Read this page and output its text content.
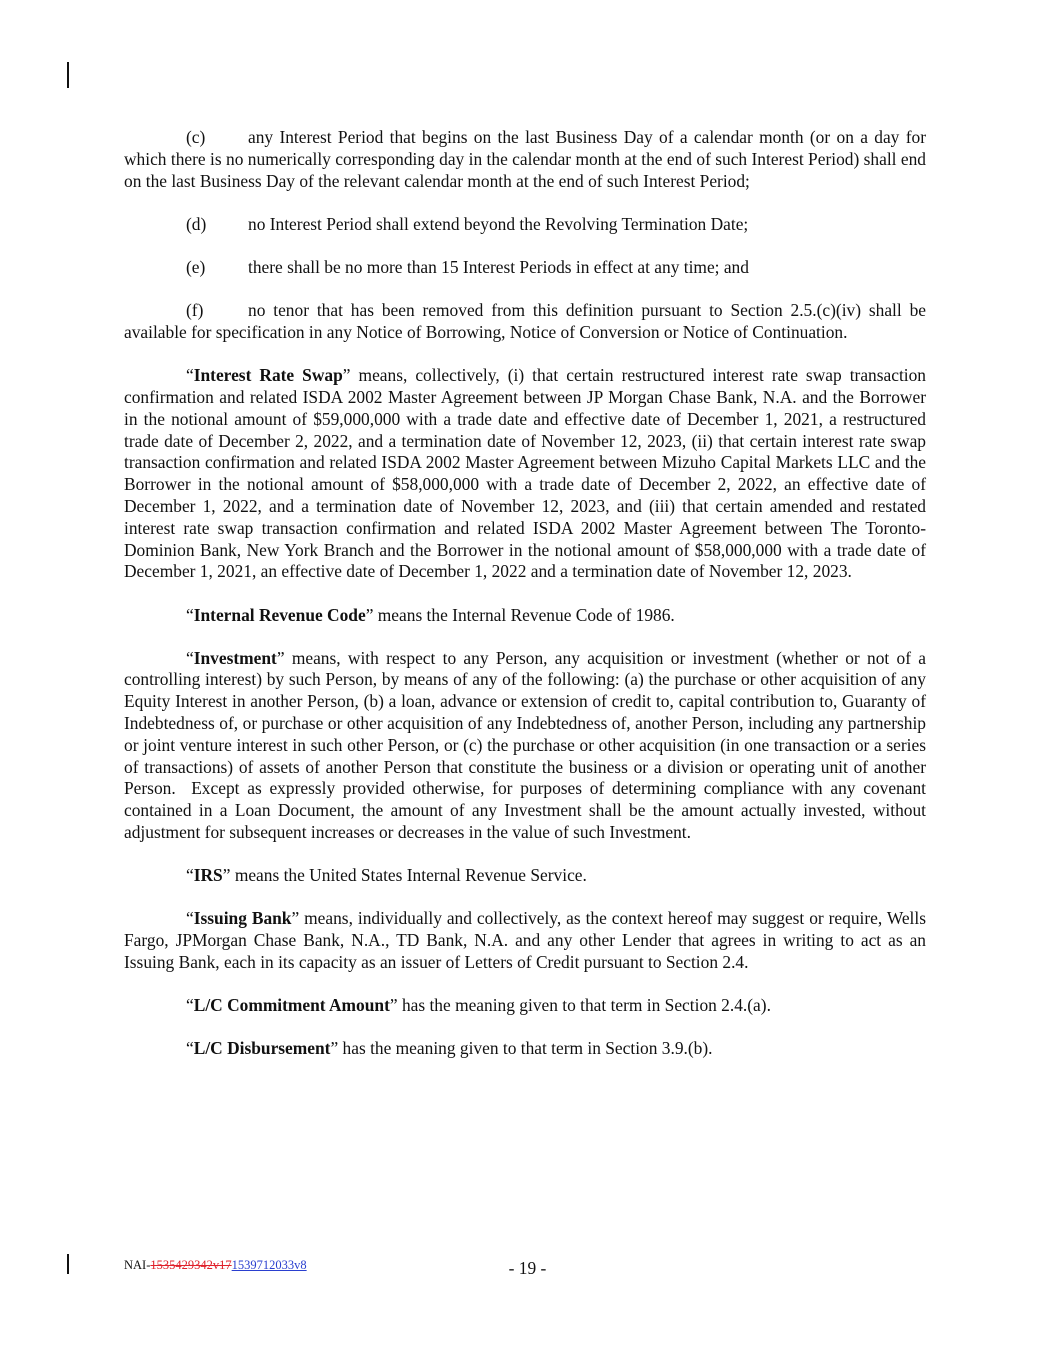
(c) any Interest Period that begins on the last Business Day of a calendar month (or on a day for which there is no numerically corresponding day in the calendar month at the end of such Interest Period) shall end on the last Business Day of the relevant calendar month at the end of such Interest Period;

(d) no Interest Period shall extend beyond the Revolving Termination Date;

(e) there shall be no more than 15 Interest Periods in effect at any time; and

(f)	no tenor that has been removed from this definition pursuant to Section 2.5.(c)(iv) shall be available for specification in any Notice of Borrowing, Notice of Conversion or Notice of Continuation.

“Interest Rate Swap” means, collectively, (i) that certain restructured interest rate swap transaction confirmation and related ISDA 2002 Master Agreement between JP Morgan Chase Bank, N.A. and the Borrower in the notional amount of $59,000,000 with a trade date and effective date of December 1, 2021, a restructured trade date of December 2, 2022, and a termination date of November 12, 2023, (ii) that certain interest rate swap transaction confirmation and related ISDA 2002 Master Agreement between Mizuho Capital Markets LLC and the Borrower in the notional amount of $58,000,000 with a trade date of December 2, 2022, an effective date of December 1, 2022, and a termination date of November 12, 2023, and (iii) that certain amended and restated interest rate swap transaction confirmation and related ISDA 2002 Master Agreement between The Toronto-Dominion Bank, New York Branch and the Borrower in the notional amount of $58,000,000 with a trade date of December 1, 2021, an effective date of December 1, 2022 and a termination date of November 12, 2023.

“Internal Revenue Code” means the Internal Revenue Code of 1986.

“Investment” means, with respect to any Person, any acquisition or investment (whether or not of a controlling interest) by such Person, by means of any of the following: (a) the purchase or other acquisition of any Equity Interest in another Person, (b) a loan, advance or extension of credit to, capital contribution to, Guaranty of Indebtedness of, or purchase or other acquisition of any Indebtedness of, another Person, including any partnership or joint venture interest in such other Person, or (c) the purchase or other acquisition (in one transaction or a series of transactions) of assets of another Person that constitute the business or a division or operating unit of another Person.  Except as expressly provided otherwise, for purposes of determining compliance with any covenant contained in a Loan Document, the amount of any Investment shall be the amount actually invested, without adjustment for subsequent increases or decreases in the value of such Investment.

“IRS” means the United States Internal Revenue Service.

“Issuing Bank” means, individually and collectively, as the context hereof may suggest or require, Wells Fargo, JPMorgan Chase Bank, N.A., TD Bank, N.A. and any other Lender that agrees in writing to act as an Issuing Bank, each in its capacity as an issuer of Letters of Credit pursuant to Section 2.4.

“L/C Commitment Amount” has the meaning given to that term in Section 2.4.(a).

“L/C Disbursement” has the meaning given to that term in Section 3.9.(b).

NAI-1535429342v171539712033v8	- 19 -
